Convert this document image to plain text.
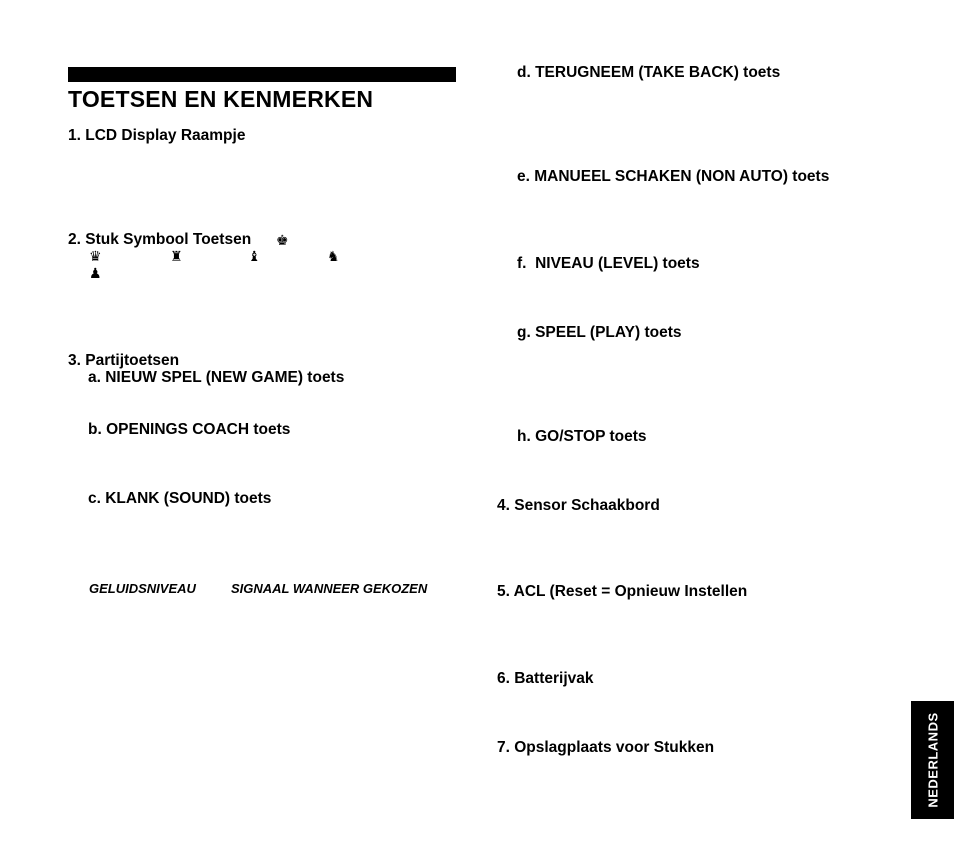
TOETSEN EN KENMERKEN
1. LCD Display Raampje
2. Stuk Symbool Toetsen ♚
♛	♜	♝	♞
♟
3. Partijtoetsen
a. NIEUW SPEL (NEW GAME) toets
b. OPENINGS COACH toets
c. KLANK (SOUND) toets
GELUIDSNIVEAU	SIGNAAL WANNEER GEKOZEN
d. TERUGNEEM (TAKE BACK) toets
e. MANUEEL SCHAKEN (NON AUTO) toets
f.  NIVEAU (LEVEL) toets
g. SPEEL (PLAY) toets
h. GO/STOP toets
4. Sensor Schaakbord
5. ACL (Reset = Opnieuw Instellen
6. Batterijvak
7. Opslagplaats voor Stukken	NEDERLANDS
